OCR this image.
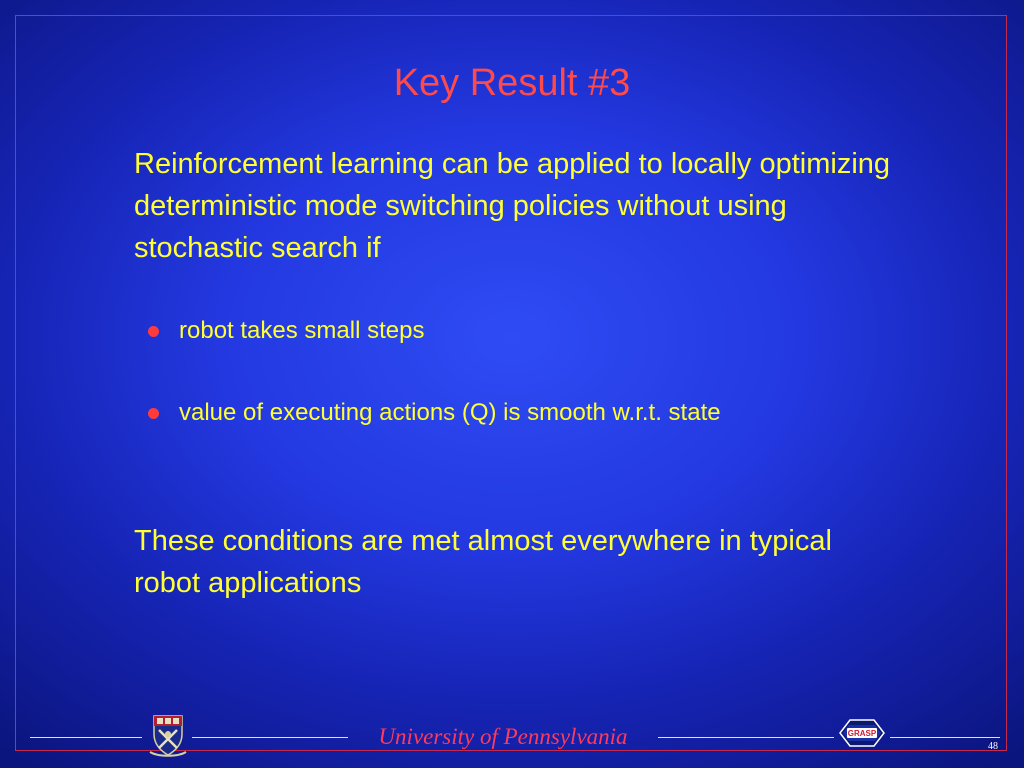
Key Result #3
Reinforcement learning can be applied to locally optimizing deterministic mode switching policies without using stochastic search if
robot takes small steps
value of executing actions (Q) is smooth w.r.t. state
These conditions are met almost everywhere in typical robot applications
University of Pennsylvania	GRASP
48
